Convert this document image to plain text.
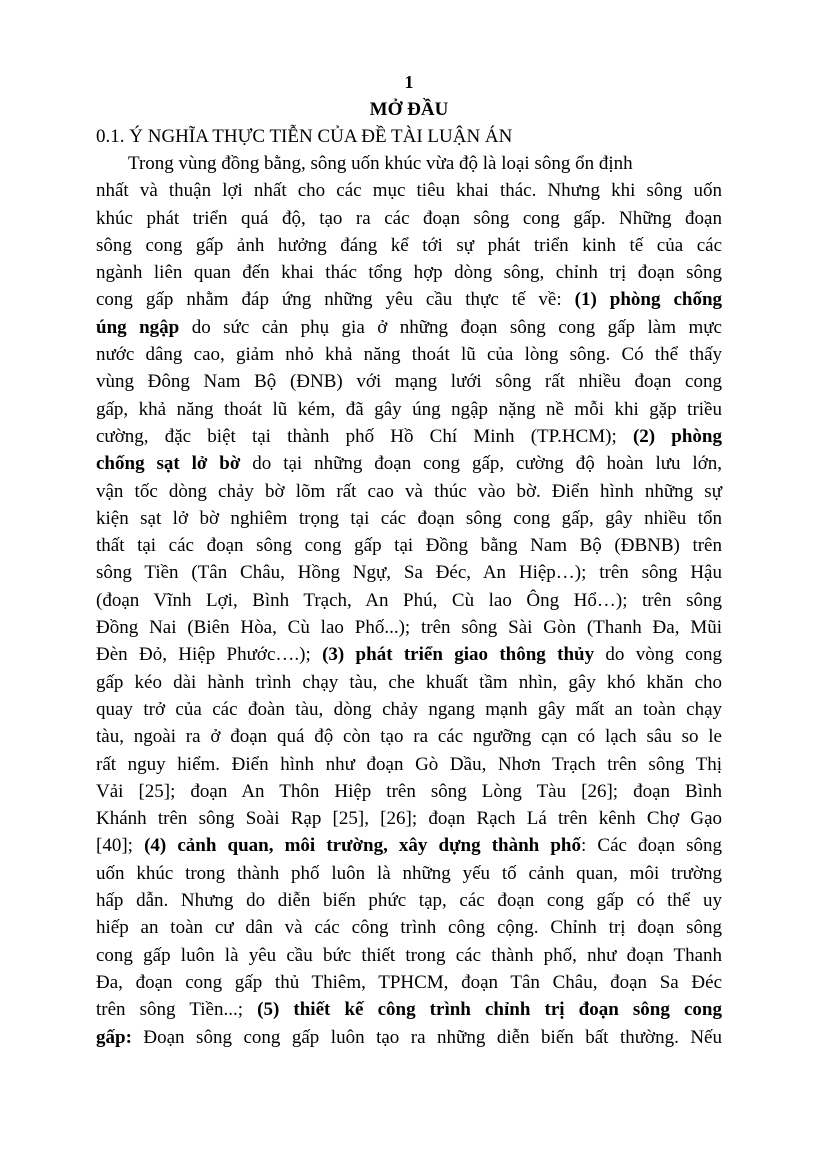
1
MỞ ĐẦU
0.1. Ý NGHĨA THỰC TIỄN CỦA ĐỀ TÀI LUẬN ÁN
Trong vùng đồng bằng, sông uốn khúc vừa độ là loại sông ổn định
nhất và thuận lợi nhất cho các mục tiêu khai thác. Nhưng khi sông uốn
khúc phát triển quá độ, tạo ra các đoạn sông cong gấp. Những đoạn
sông cong gấp ảnh hưởng đáng kể tới sự phát triển kinh tế của các
ngành liên quan đến khai thác tổng hợp dòng sông, chỉnh trị đoạn sông
cong gấp nhằm đáp ứng những yêu cầu thực tế về: (1) phòng chống
úng ngập do sức cản phụ gia ở những đoạn sông cong gấp làm mực
nước dâng cao, giảm nhỏ khả năng thoát lũ của lòng sông. Có thể thấy
vùng Đông Nam Bộ (ĐNB) với mạng lưới sông rất nhiều đoạn cong
gấp, khả năng thoát lũ kém, đã gây úng ngập nặng nề mỗi khi gặp triều
cường, đặc biệt tại thành phố Hồ Chí Minh (TP.HCM); (2) phòng
chống sạt lở bờ do tại những đoạn cong gấp, cường độ hoàn lưu lớn,
vận tốc dòng chảy bờ lõm rất cao và thúc vào bờ. Điển hình những sự
kiện sạt lở bờ nghiêm trọng tại các đoạn sông cong gấp, gây nhiều tổn
thất tại các đoạn sông cong gấp tại Đồng bằng Nam Bộ (ĐBNB) trên
sông Tiền (Tân Châu, Hồng Ngự, Sa Đéc, An Hiệp…); trên sông Hậu
(đoạn Vĩnh Lợi, Bình Trạch, An Phú, Cù lao Ông Hổ…); trên sông
Đồng Nai (Biên Hòa, Cù lao Phố...); trên sông Sài Gòn (Thanh Đa, Mũi
Đèn Đỏ, Hiệp Phước….); (3) phát triển giao thông thủy do vòng cong
gấp kéo dài hành trình chạy tàu, che khuất tầm nhìn, gây khó khăn cho
quay trở của các đoàn tàu, dòng chảy ngang mạnh gây mất an toàn chạy
tàu, ngoài ra ở đoạn quá độ còn tạo ra các ngưỡng cạn có lạch sâu so le
rất nguy hiểm. Điển hình như đoạn Gò Dầu, Nhơn Trạch trên sông Thị
Vải [25]; đoạn An Thôn Hiệp trên sông Lòng Tàu [26]; đoạn Bình
Khánh trên sông Soài Rạp [25], [26]; đoạn Rạch Lá trên kênh Chợ Gạo
[40]; (4) cảnh quan, môi trường, xây dựng thành phố: Các đoạn sông
uốn khúc trong thành phố luôn là những yếu tố cảnh quan, môi trường
hấp dẫn. Nhưng do diễn biến phức tạp, các đoạn cong gấp có thể uy
hiếp an toàn cư dân và các công trình công cộng. Chỉnh trị đoạn sông
cong gấp luôn là yêu cầu bức thiết trong các thành phố, như đoạn Thanh
Đa, đoạn cong gấp thủ Thiêm, TPHCM, đoạn Tân Châu, đoạn Sa Đéc
trên sông Tiền...; (5) thiết kế công trình chỉnh trị đoạn sông cong
gấp: Đoạn sông cong gấp luôn tạo ra những diễn biến bất thường. Nếu
